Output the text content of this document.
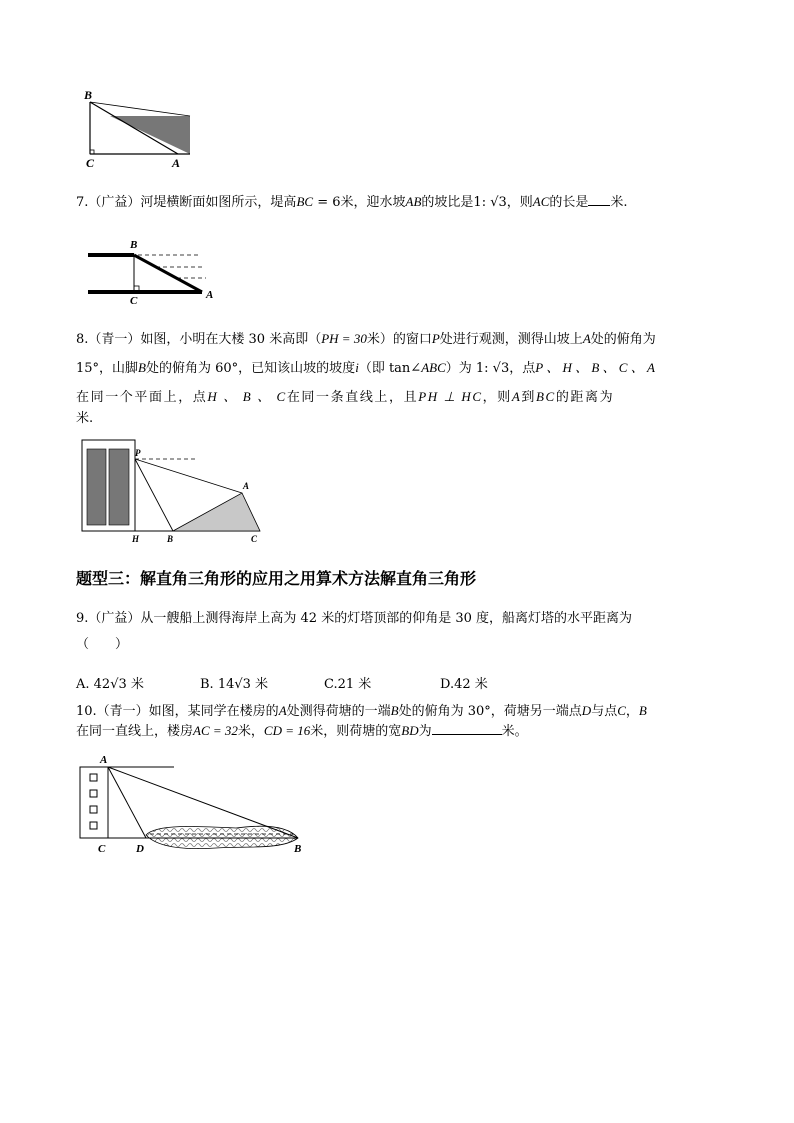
B
C	A
7.（广益）河堤横断面如图所示，堤高BC = 6米，迎水坡AB的坡比是1: √3，则AC的长是 米.
B
C	A
8.（青一）如图，小明在大楼 30 米高即（PH = 30米）的窗口P处进行观测，测得山坡上A处的俯角为
15°，山脚B处的俯角为 60°，已知该山坡的坡度i（即 tan∠ABC）为 1: √3，点P 、 H 、 B 、 C 、 A
在同一个平面上，点H 、 B 、 C在同一条直线上，且PH ⊥ HC，则A到BC的距离为
米.
P
A
H	B	C
题型三：解直角三角形的应用之用算术方法解直角三角形
9.（广益）从一艘船上测得海岸上高为 42 米的灯塔顶部的仰角是 30 度，船离灯塔的水平距离为
（　　）
A. 42√3 米	B. 14√3 米	C.21 米	D.42 米
10.（青一）如图，某同学在楼房的A处测得荷塘的一端B处的俯角为 30°，荷塘另一端点D与点C，B
在同一直线上，楼房AC = 32米，CD = 16米，则荷塘的宽BD为	米。
A
C	D	B
